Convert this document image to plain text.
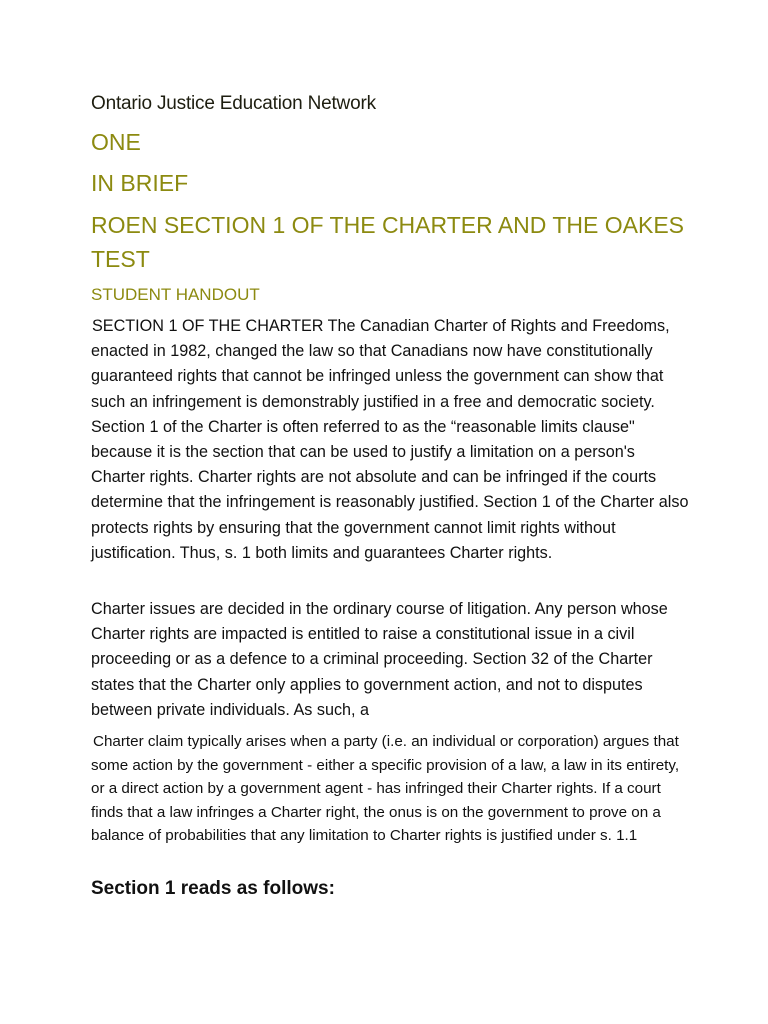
Ontario Justice Education Network

ONE
IN BRIEF
ROEN SECTION 1 OF THE CHARTER AND THE OAKES TEST
STUDENT HANDOUT

SECTION 1 OF THE CHARTER The Canadian Charter of Rights and Freedoms, enacted in 1982, changed the law so that Canadians now have constitutionally guaranteed rights that cannot be infringed unless the government can show that such an infringement is demonstrably justified in a free and democratic society. Section 1 of the Charter is often referred to as the “reasonable limits clause" because it is the section that can be used to justify a limitation on a person's Charter rights. Charter rights are not absolute and can be infringed if the courts determine that the infringement is reasonably justified. Section 1 of the Charter also protects rights by ensuring that the government cannot limit rights without justification. Thus, s. 1 both limits and guarantees Charter rights.

Charter issues are decided in the ordinary course of litigation. Any person whose Charter rights are impacted is entitled to raise a constitutional issue in a civil proceeding or as a defence to a criminal proceeding. Section 32 of the Charter states that the Charter only applies to government action, and not to disputes between private individuals. As such, a

Charter claim typically arises when a party (i.e. an individual or corporation) argues that some action by the government - either a specific provision of a law, a law in its entirety, or a direct action by a government agent - has infringed their Charter rights. If a court finds that a law infringes a Charter right, the onus is on the government to prove on a balance of probabilities that any limitation to Charter rights is justified under s. 1.1

Section 1 reads as follows:
